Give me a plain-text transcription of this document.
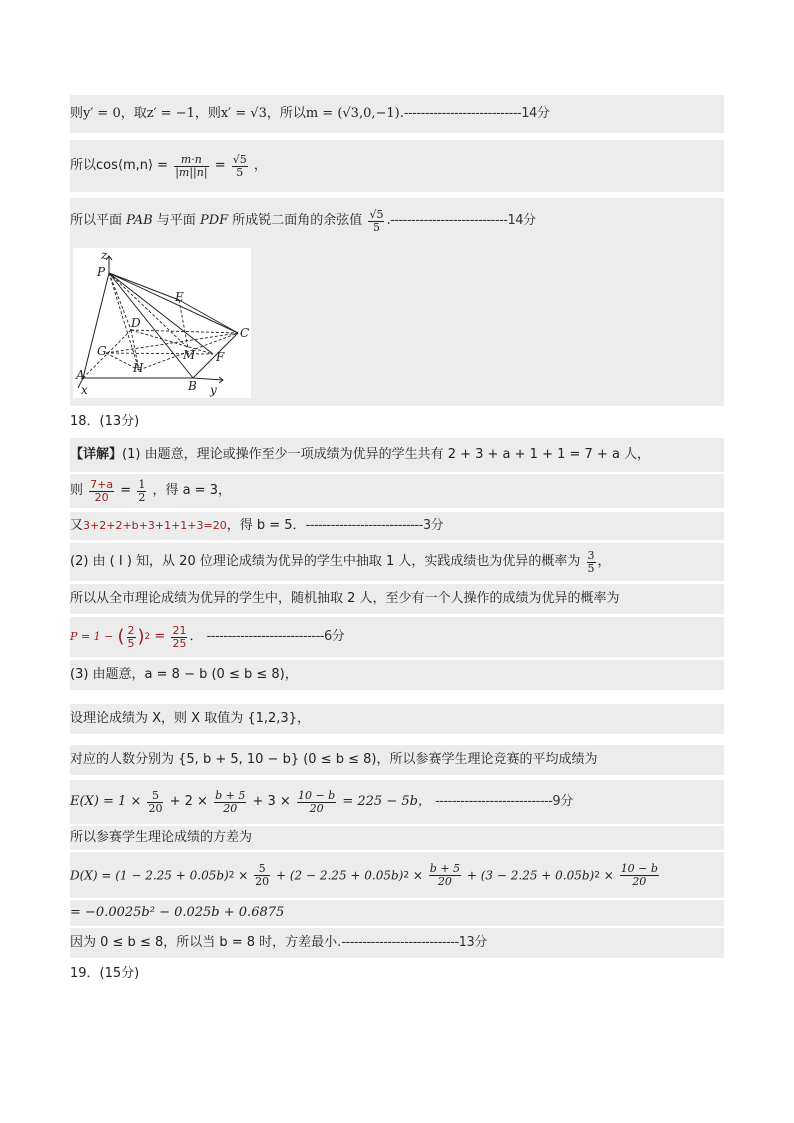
则y′ = 0，取z′ = −1，则x′ = √3，所以m = (√3,0,−1).----------------------------14分
所以cos⟨m,n⟩ = $\frac{m\cdot n}{|m||n|} = \frac{√5}{5}$ ，
所以平面 PAB 与平面 PDF 所成锐二面角的余弦值 $\frac{√5}{5} .----------------------------14$分
z
P
E
D
C
G	M F
A	H
B
x	y
18．(13分)
【详解】(1) 由题意，理论或操作至少一项成绩为优异的学生共有 2 + 3 + a + 1 + 1 = 7 + a 人，
则 $\frac{7+a}{20} = \frac{1}{2}$ ，得 a = 3，
又3+2+2+b+3+1+1+3=20，得 b = 5．----------------------------3分
(2) 由 ( I ) 知，从 20 位理论成绩为优异的学生中抽取 1 人，实践成绩也为优异的概率为 $\frac{3}{5}$ ，
所以从全市理论成绩为优异的学生中，随机抽取 2 人，至少有一个人操作的成绩为优异的概率为
P = 1 − ( $\frac{2}{5} )2 = \frac{21}{25}$ ． ----------------------------6分
(3) 由题意，a = 8 − b (0 ≤ b ≤ 8)，
设理论成绩为 X，则 X 取值为 {1,2,3}，
对应的人数分别为 {5, b + 5, 10 − b} (0 ≤ b ≤ 8)，所以参赛学生理论竞赛的平均成绩为
$E(X) = 1 \times \frac{5}{20} + 2 \times \frac{b + 5}{20} + 3 \times \frac{10 - b}{20} = 225 - 5b$， ----------------------------9分
所以参赛学生理论成绩的方差为
$D(X) = (1 - 2.25 + 0.05b)2 \times \frac{5}{20} + (2 - 2.25 + 0.05b)2 \times \frac{b + 5}{20} + (3 - 2.25 + 0.05b)2 \times \frac{10 - b}{20}$
= −0.0025b² − 0.025b + 0.6875
因为 0 ≤ b ≤ 8，所以当 b = 8 时，方差最小.----------------------------13分
19．(15分)
